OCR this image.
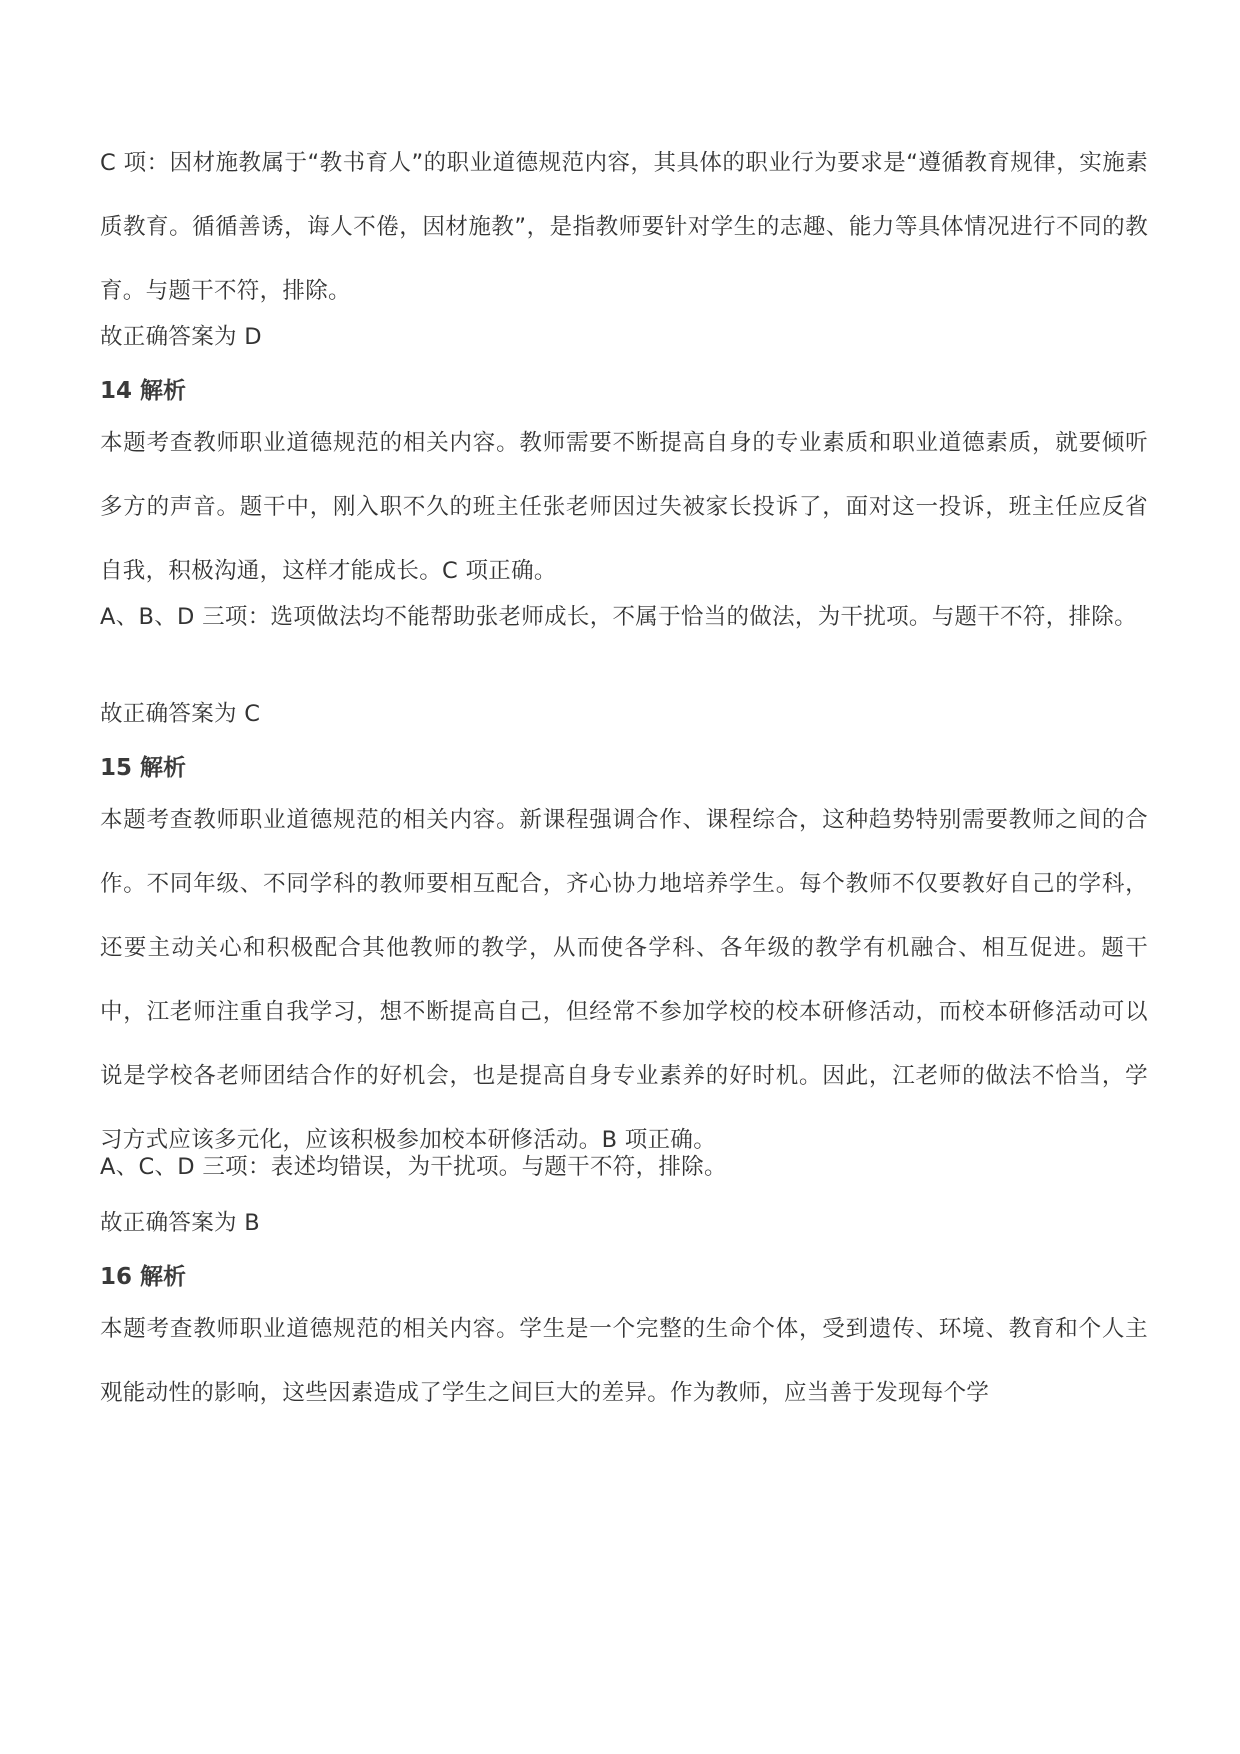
C 项：因材施教属于“教书育人”的职业道德规范内容，其具体的职业行为要求是“遵循教育规律，实施素质教育。循循善诱，诲人不倦，因材施教”，是指教师要针对学生的志趣、能力等具体情况进行不同的教育。与题干不符，排除。

故正确答案为 D

14 解析

本题考查教师职业道德规范的相关内容。教师需要不断提高自身的专业素质和职业道德素质，就要倾听多方的声音。题干中，刚入职不久的班主任张老师因过失被家长投诉了，面对这一投诉，班主任应反省自我，积极沟通，这样才能成长。C 项正确。

A、B、D 三项：选项做法均不能帮助张老师成长，不属于恰当的做法，为干扰项。与题干不符，排除。

故正确答案为 C

15 解析

本题考查教师职业道德规范的相关内容。新课程强调合作、课程综合，这种趋势特别需要教师之间的合作。不同年级、不同学科的教师要相互配合，齐心协力地培养学生。每个教师不仅要教好自己的学科，还要主动关心和积极配合其他教师的教学，从而使各学科、各年级的教学有机融合、相互促进。题干中，江老师注重自我学习，想不断提高自己，但经常不参加学校的校本研修活动，而校本研修活动可以说是学校各老师团结合作的好机会，也是提高自身专业素养的好时机。因此，江老师的做法不恰当，学习方式应该多元化，应该积极参加校本研修活动。B 项正确。

A、C、D 三项：表述均错误，为干扰项。与题干不符，排除。

故正确答案为 B

16 解析

本题考查教师职业道德规范的相关内容。学生是一个完整的生命个体，受到遗传、环境、教育和个人主观能动性的影响，这些因素造成了学生之间巨大的差异。作为教师，应当善于发现每个学
